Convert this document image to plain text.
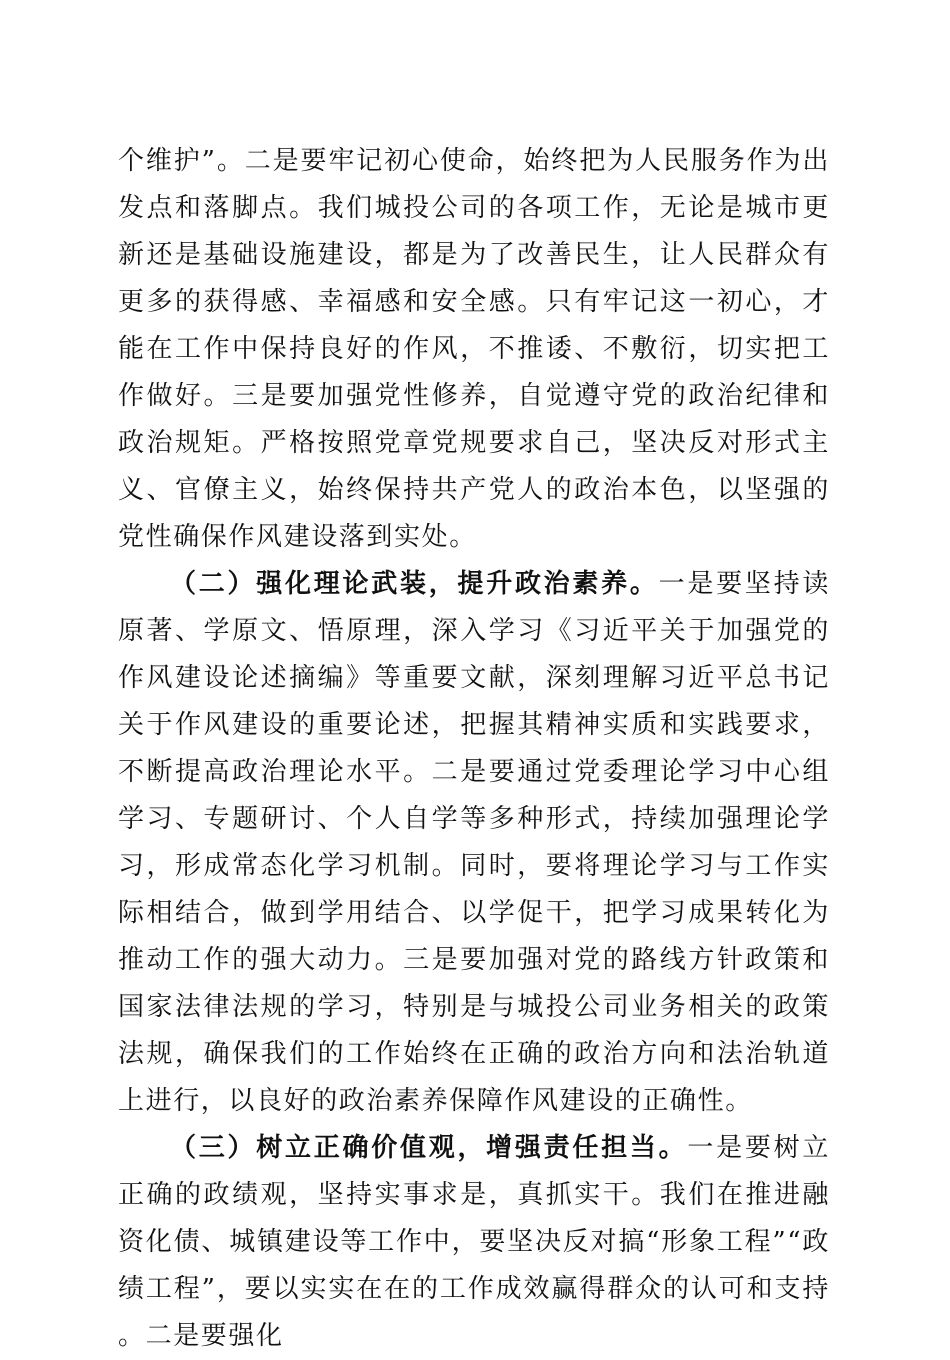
个维护”。二是要牢记初心使命，始终把为人民服务作为出发点和落脚点。我们城投公司的各项工作，无论是城市更新还是基础设施建设，都是为了改善民生，让人民群众有更多的获得感、幸福感和安全感。只有牢记这一初心，才能在工作中保持良好的作风，不推诿、不敷衍，切实把工作做好。三是要加强党性修养，自觉遵守党的政治纪律和政治规矩。严格按照党章党规要求自己，坚决反对形式主义、官僚主义，始终保持共产党人的政治本色，以坚强的党性确保作风建设落到实处。

（二）强化理论武装，提升政治素养。一是要坚持读原著、学原文、悟原理，深入学习《习近平关于加强党的作风建设论述摘编》等重要文献，深刻理解习近平总书记关于作风建设的重要论述，把握其精神实质和实践要求，不断提高政治理论水平。二是要通过党委理论学习中心组学习、专题研讨、个人自学等多种形式，持续加强理论学习，形成常态化学习机制。同时，要将理论学习与工作实际相结合，做到学用结合、以学促干，把学习成果转化为推动工作的强大动力。三是要加强对党的路线方针政策和国家法律法规的学习，特别是与城投公司业务相关的政策法规，确保我们的工作始终在正确的政治方向和法治轨道上进行，以良好的政治素养保障作风建设的正确性。

（三）树立正确价值观，增强责任担当。一是要树立正确的政绩观，坚持实事求是，真抓实干。我们在推进融资化债、城镇建设等工作中，要坚决反对搞“形象工程”“政绩工程”，要以实实在在的工作成效赢得群众的认可和支持。二是要强化
